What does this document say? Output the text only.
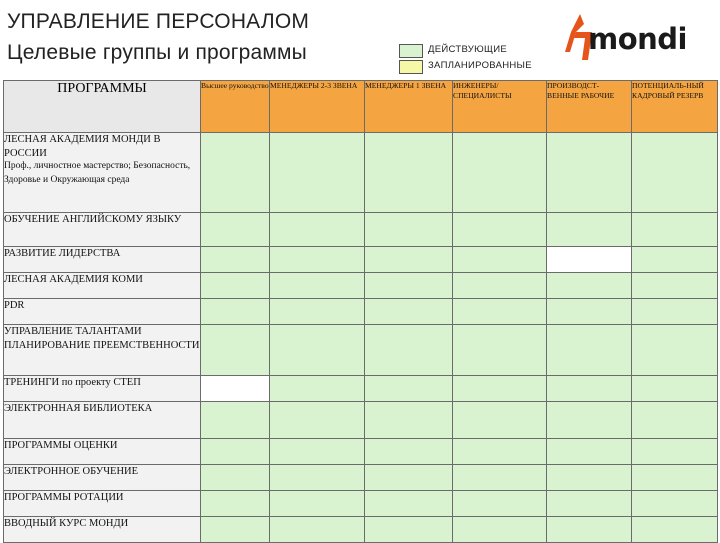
УПРАВЛЕНИЕ ПЕРСОНАЛОМ
Целевые группы и программы	ДЕЙСТВУЮЩИЕ
ЗАПЛАНИРОВАННЫЕ
mondi
ПРОГРАММЫ	Высшее руководство	МЕНЕДЖЕРЫ 2-3 ЗВЕНА	МЕНЕДЖЕРЫ 1 ЗВЕНА	ИНЖЕНЕРЫ/ СПЕЦИАЛИСТЫ	ПРОИЗВОДСТ-ВЕННЫЕ РАБОЧИЕ	ПОТЕНЦИАЛЬ-НЫЙ КАДРОВЫЙ РЕЗЕРВ

ЛЕСНАЯ АКАДЕМИЯ МОНДИ В РОССИИ
Проф., личностное мастерство; Безопасность, Здоровье и Окружающая среда						

ОБУЧЕНИЕ АНГЛИЙСКОМУ ЯЗЫКУ						
РАЗВИТИЕ ЛИДЕРСТВА						
ЛЕСНАЯ АКАДЕМИЯ КОМИ						
PDR						
УПРАВЛЕНИЕ ТАЛАНТАМИ ПЛАНИРОВАНИЕ ПРЕЕМСТВЕННОСТИ						
ТРЕНИНГИ по проекту СТЕП						
ЭЛЕКТРОННАЯ БИБЛИОТЕКА						
ПРОГРАММЫ ОЦЕНКИ						
ЭЛЕКТРОННОЕ ОБУЧЕНИЕ						
ПРОГРАММЫ РОТАЦИИ						
ВВОДНЫЙ КУРС МОНДИ						
